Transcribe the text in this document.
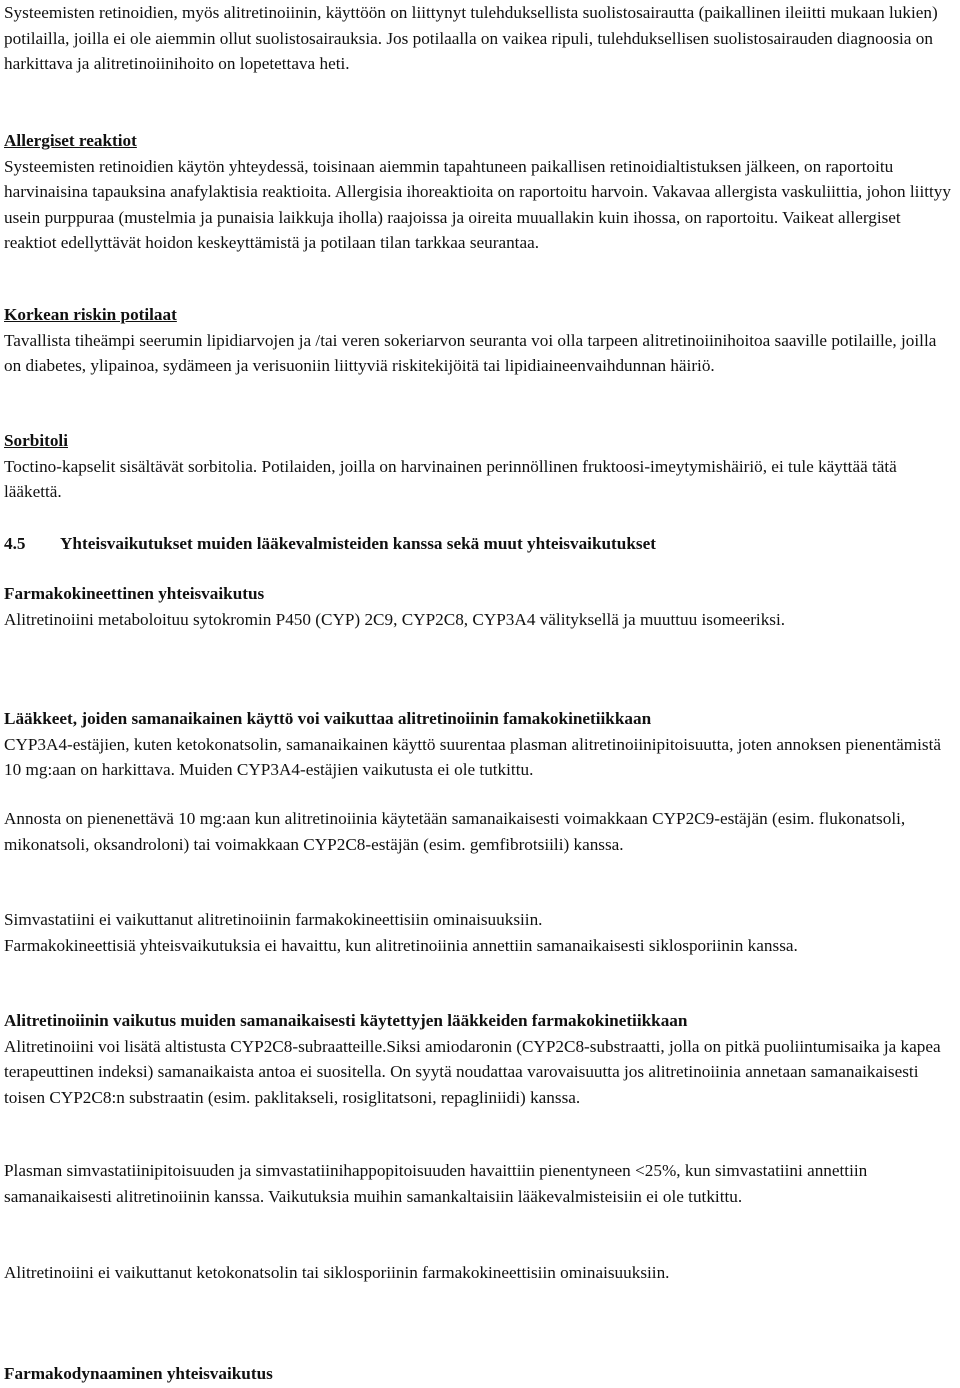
Systeemisten retinoidien, myös alitretinoiinin, käyttöön on liittynyt tulehduksellista suolistosairautta (paikallinen ileiitti mukaan lukien) potilailla, joilla ei ole aiemmin ollut suolistosairauksia. Jos potilaalla on vaikea ripuli, tulehduksellisen suolistosairauden diagnoosia on harkittava ja alitretinoiinihoito on lopetettava heti.

Allergiset reaktiot

Systeemisten retinoidien käytön yhteydessä, toisinaan aiemmin tapahtuneen paikallisen retinoidialtistuksen jälkeen, on raportoitu harvinaisina tapauksina anafylaktisia reaktioita. Allergisia ihoreaktioita on raportoitu harvoin. Vakavaa allergista vaskuliittia, johon liittyy usein purppuraa (mustelmia ja punaisia laikkuja iholla) raajoissa ja oireita muuallakin kuin ihossa, on raportoitu. Vaikeat allergiset reaktiot edellyttävät hoidon keskeyttämistä ja potilaan tilan tarkkaa seurantaa.

Korkean riskin potilaat

Tavallista tiheämpi seerumin lipidiarvojen ja /tai veren sokeriarvon seuranta voi olla tarpeen alitretinoiinihoitoa saaville potilaille, joilla on diabetes, ylipainoa, sydämeen ja verisuoniin liittyviä riskitekijöitä tai lipidiaineenvaihdunnan häiriö.

Sorbitoli

Toctino-kapselit sisältävät sorbitolia. Potilaiden, joilla on harvinainen perinnöllinen fruktoosi-imeytymishäiriö, ei tule käyttää tätä lääkettä.

4.5 Yhteisvaikutukset muiden lääkevalmisteiden kanssa sekä muut yhteisvaikutukset

Farmakokineettinen yhteisvaikutus

Alitretinoiini metaboloituu sytokromin P450 (CYP) 2C9, CYP2C8, CYP3A4 välityksellä ja muuttuu isomeeriksi.

Lääkkeet, joiden samanaikainen käyttö voi vaikuttaa alitretinoiinin famakokinetiikkaan

CYP3A4-estäjien, kuten ketokonatsolin, samanaikainen käyttö suurentaa plasman alitretinoiinipitoisuutta, joten annoksen pienentämistä 10 mg:aan on harkittava. Muiden CYP3A4-estäjien vaikutusta ei ole tutkittu.

Annosta on pienenettävä 10 mg:aan kun alitretinoiinia käytetään samanaikaisesti voimakkaan CYP2C9-estäjän (esim. flukonatsoli, mikonatsoli, oksandroloni) tai voimakkaan CYP2C8-estäjän (esim. gemfibrotsiili) kanssa.

Simvastatiini ei vaikuttanut alitretinoiinin farmakokineettisiin ominaisuuksiin.

Farmakokineettisiä yhteisvaikutuksia ei havaittu, kun alitretinoiinia annettiin samanaikaisesti siklosporiinin kanssa.

Alitretinoiinin vaikutus muiden samanaikaisesti käytettyjen lääkkeiden farmakokinetiikkaan

Alitretinoiini voi lisätä altistusta CYP2C8-subraatteille.Siksi amiodaronin (CYP2C8-substraatti, jolla on pitkä puoliintumisaika ja kapea terapeuttinen indeksi) samanaikaista antoa ei suositella. On syytä noudattaa varovaisuutta jos alitretinoiinia annetaan samanaikaisesti toisen CYP2C8:n substraatin (esim. paklitakseli, rosiglitatsoni, repagliniidi) kanssa.

Plasman simvastatiinipitoisuuden ja simvastatiinihappopitoisuuden havaittiin pienentyneen <25%, kun simvastatiini annettiin samanaikaisesti alitretinoiinin kanssa. Vaikutuksia muihin samankaltaisiin lääkevalmisteisiin ei ole tutkittu.

Alitretinoiini ei vaikuttanut ketokonatsolin tai siklosporiinin farmakokineettisiin ominaisuuksiin.

Farmakodynaaminen yhteisvaikutus
